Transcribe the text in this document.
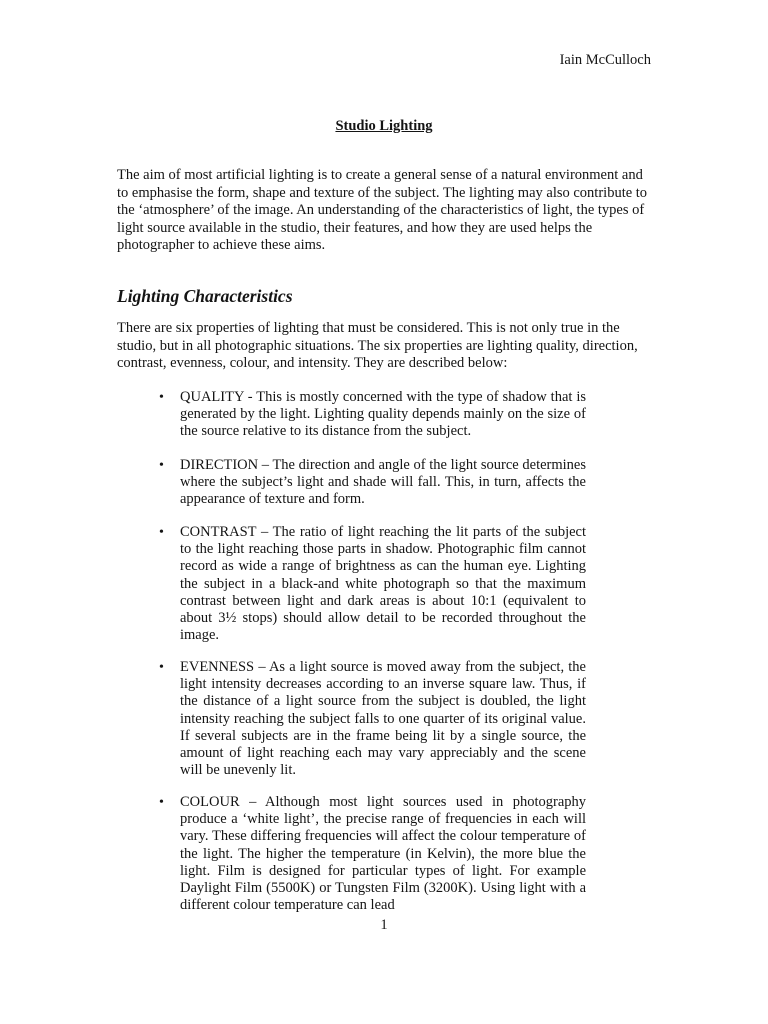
Iain McCulloch
Studio Lighting

The aim of most artificial lighting is to create a general sense of a natural environment and to emphasise the form, shape and texture of the subject. The lighting may also contribute to the ‘atmosphere’ of the image. An understanding of the characteristics of light, the types of light source available in the studio, their features, and how they are used helps the photographer to achieve these aims.

Lighting Characteristics

There are six properties of lighting that must be considered. This is not only true in the studio, but in all photographic situations. The six properties are lighting quality, direction, contrast, evenness, colour, and intensity. They are described below:

• QUALITY - This is mostly concerned with the type of shadow that is generated by the light. Lighting quality depends mainly on the size of the source relative to its distance from the subject.
• DIRECTION – The direction and angle of the light source determines where the subject’s light and shade will fall. This, in turn, affects the appearance of texture and form.
• CONTRAST – The ratio of light reaching the lit parts of the subject to the light reaching those parts in shadow. Photographic film cannot record as wide a range of brightness as can the human eye. Lighting the subject in a black-and white photograph so that the maximum contrast between light and dark areas is about 10:1 (equivalent to about 3½ stops) should allow detail to be recorded throughout the image.
• EVENNESS – As a light source is moved away from the subject, the light intensity decreases according to an inverse square law. Thus, if the distance of a light source from the subject is doubled, the light intensity reaching the subject falls to one quarter of its original value. If several subjects are in the frame being lit by a single source, the amount of light reaching each may vary appreciably and the scene will be unevenly lit.
• COLOUR – Although most light sources used in photography produce a ‘white light’, the precise range of frequencies in each will vary. These differing frequencies will affect the colour temperature of the light. The higher the temperature (in Kelvin), the more blue the light. Film is designed for particular types of light. For example Daylight Film (5500K) or Tungsten Film (3200K). Using light with a different colour temperature can lead
1
